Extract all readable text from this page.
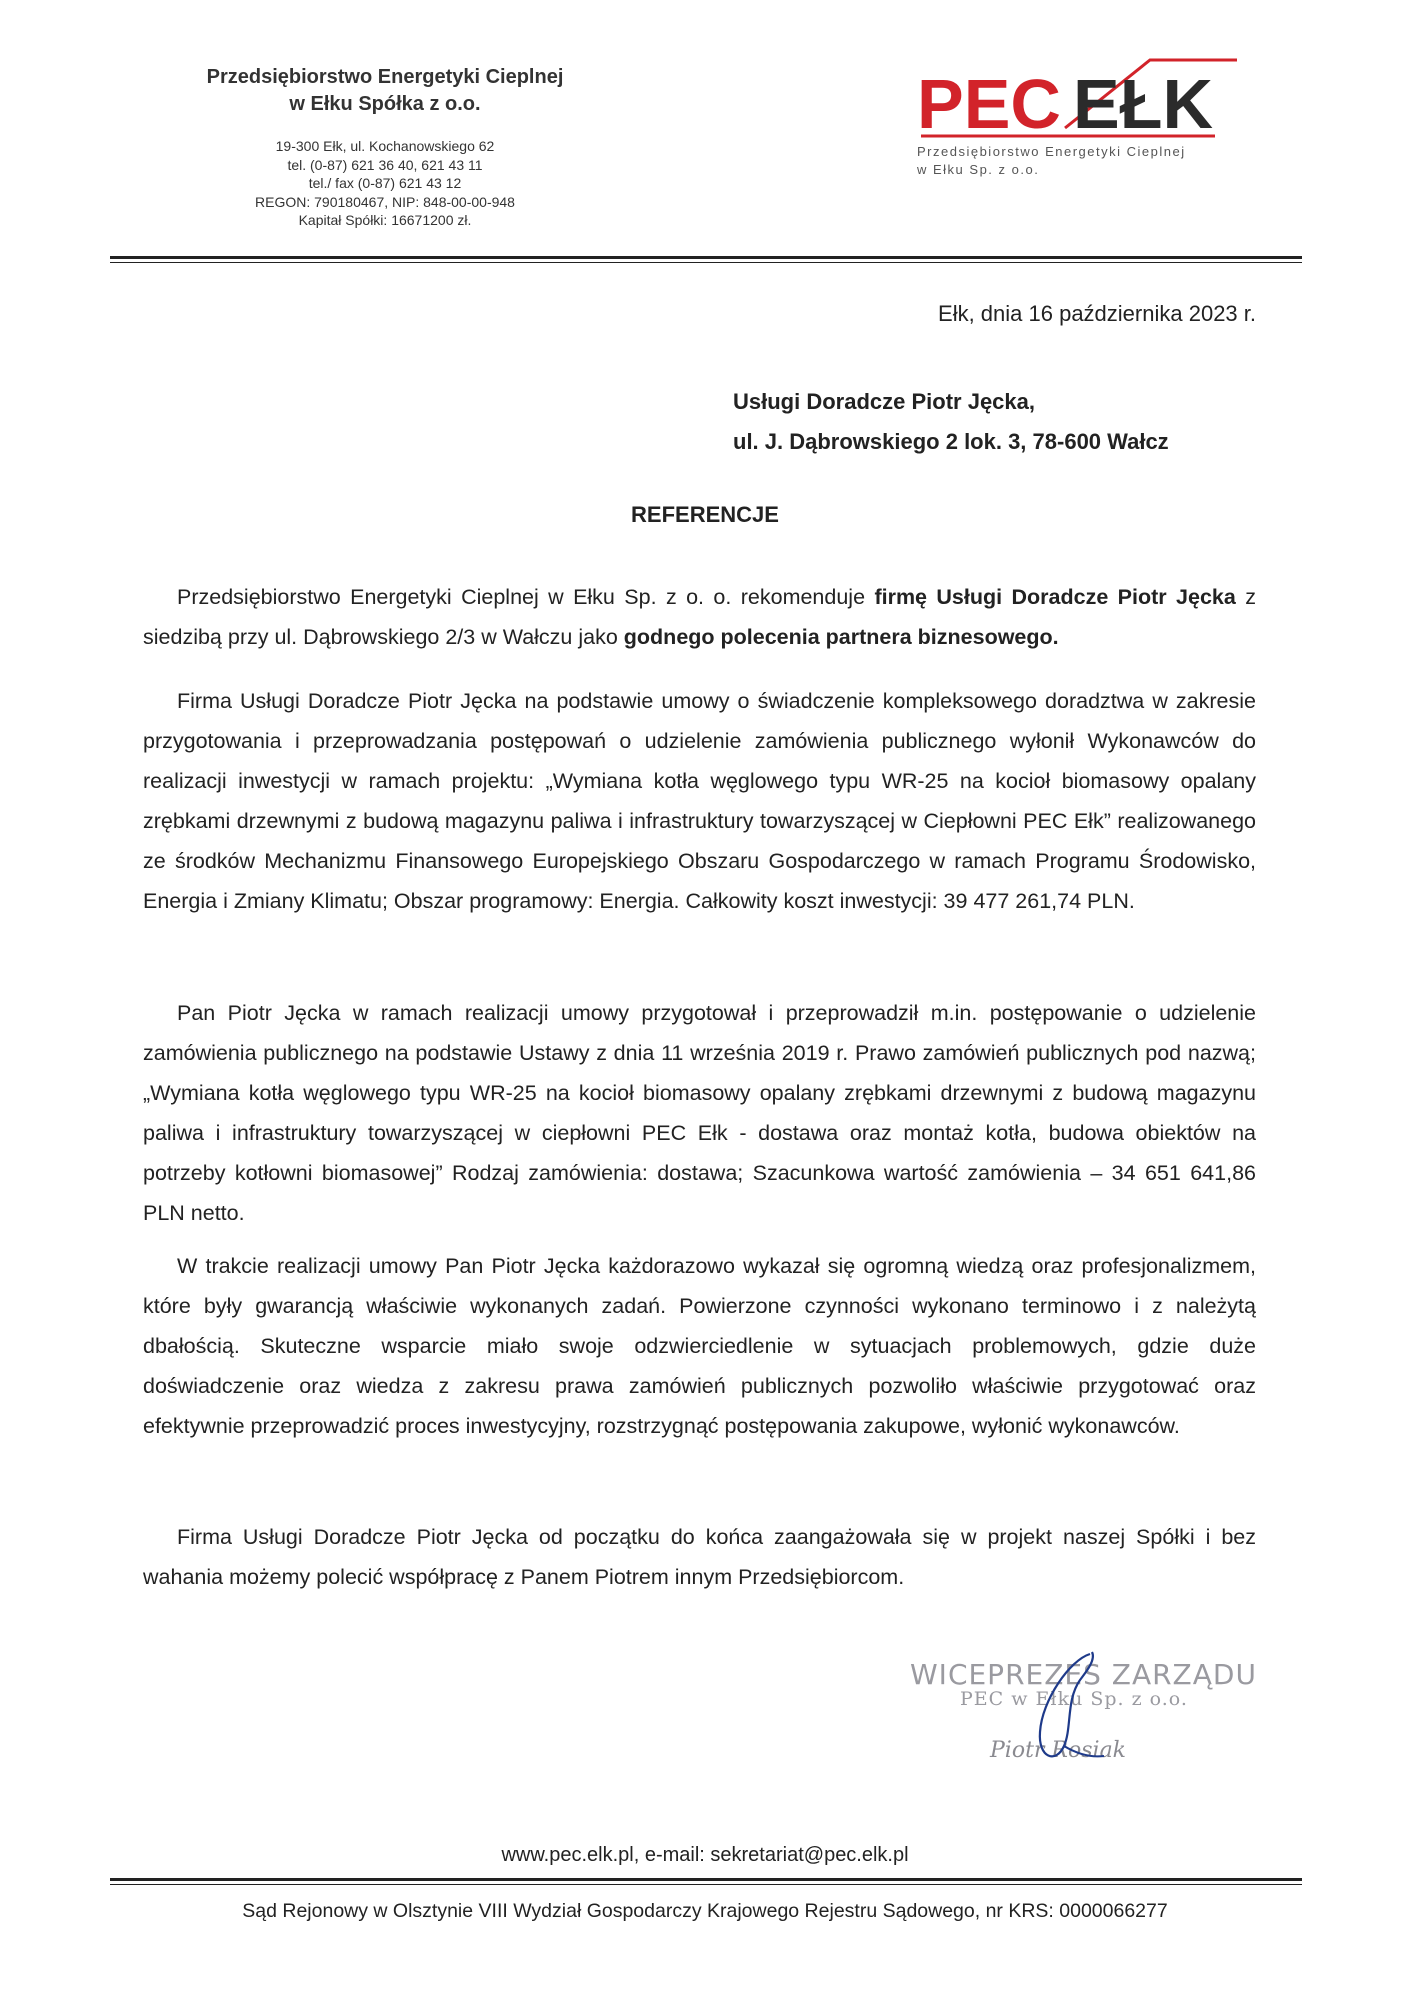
Przedsiębiorstwo Energetyki Cieplnej
w Ełku Spółka z o.o.
19-300 Ełk, ul. Kochanowskiego 62
tel. (0-87) 621 36 40, 621 43 11
tel./ fax (0-87) 621 43 12
REGON: 790180467, NIP: 848-00-00-948
Kapitał Spółki: 16671200 zł.
PEC EŁK
Przedsiębiorstwo Energetyki Cieplnej
w Ełku Sp. z o.o.
Ełk, dnia 16 października 2023 r.
Usługi Doradcze Piotr Jęcka,
ul. J. Dąbrowskiego 2 lok. 3, 78-600 Wałcz
REFERENCJE

Przedsiębiorstwo Energetyki Cieplnej w Ełku Sp. z o. o. rekomenduje firmę Usługi Doradcze Piotr Jęcka z siedzibą przy ul. Dąbrowskiego 2/3 w Wałczu jako godnego polecenia partnera biznesowego.

Firma Usługi Doradcze Piotr Jęcka na podstawie umowy o świadczenie kompleksowego doradztwa w zakresie przygotowania i przeprowadzania postępowań o udzielenie zamówienia publicznego wyłonił Wykonawców do realizacji inwestycji w ramach projektu: „Wymiana kotła węglowego typu WR-25 na kocioł biomasowy opalany zrębkami drzewnymi z budową magazynu paliwa i infrastruktury towarzyszącej w Ciepłowni PEC Ełk” realizowanego ze środków Mechanizmu Finansowego Europejskiego Obszaru Gospodarczego w ramach Programu Środowisko, Energia i Zmiany Klimatu; Obszar programowy: Energia. Całkowity koszt inwestycji: 39 477 261,74 PLN.

Pan Piotr Jęcka w ramach realizacji umowy przygotował i przeprowadził m.in. postępowanie o udzielenie zamówienia publicznego na podstawie Ustawy z dnia 11 września 2019 r. Prawo zamówień publicznych pod nazwą; „Wymiana kotła węglowego typu WR-25 na kocioł biomasowy opalany zrębkami drzewnymi z budową magazynu paliwa i infrastruktury towarzyszącej w ciepłowni PEC Ełk - dostawa oraz montaż kotła, budowa obiektów na potrzeby kotłowni biomasowej” Rodzaj zamówienia: dostawa; Szacunkowa wartość zamówienia – 34 651 641,86 PLN netto.

W trakcie realizacji umowy Pan Piotr Jęcka każdorazowo wykazał się ogromną wiedzą oraz profesjonalizmem, które były gwarancją właściwie wykonanych zadań. Powierzone czynności wykonano terminowo i z należytą dbałością. Skuteczne wsparcie miało swoje odzwierciedlenie w sytuacjach problemowych, gdzie duże doświadczenie oraz wiedza z zakresu prawa zamówień publicznych pozwoliło właściwie przygotować oraz efektywnie przeprowadzić proces inwestycyjny, rozstrzygnąć postępowania zakupowe, wyłonić wykonawców.

Firma Usługi Doradcze Piotr Jęcka od początku do końca zaangażowała się w projekt naszej Spółki i bez wahania możemy polecić współpracę z Panem Piotrem innym Przedsiębiorcom.

WICEPREZES ZARZĄDU
PEC w Ełku Sp. z o.o.
Piotr Rosiak
www.pec.elk.pl, e-mail: sekretariat@pec.elk.pl
Sąd Rejonowy w Olsztynie VIII Wydział Gospodarczy Krajowego Rejestru Sądowego, nr KRS: 0000066277
